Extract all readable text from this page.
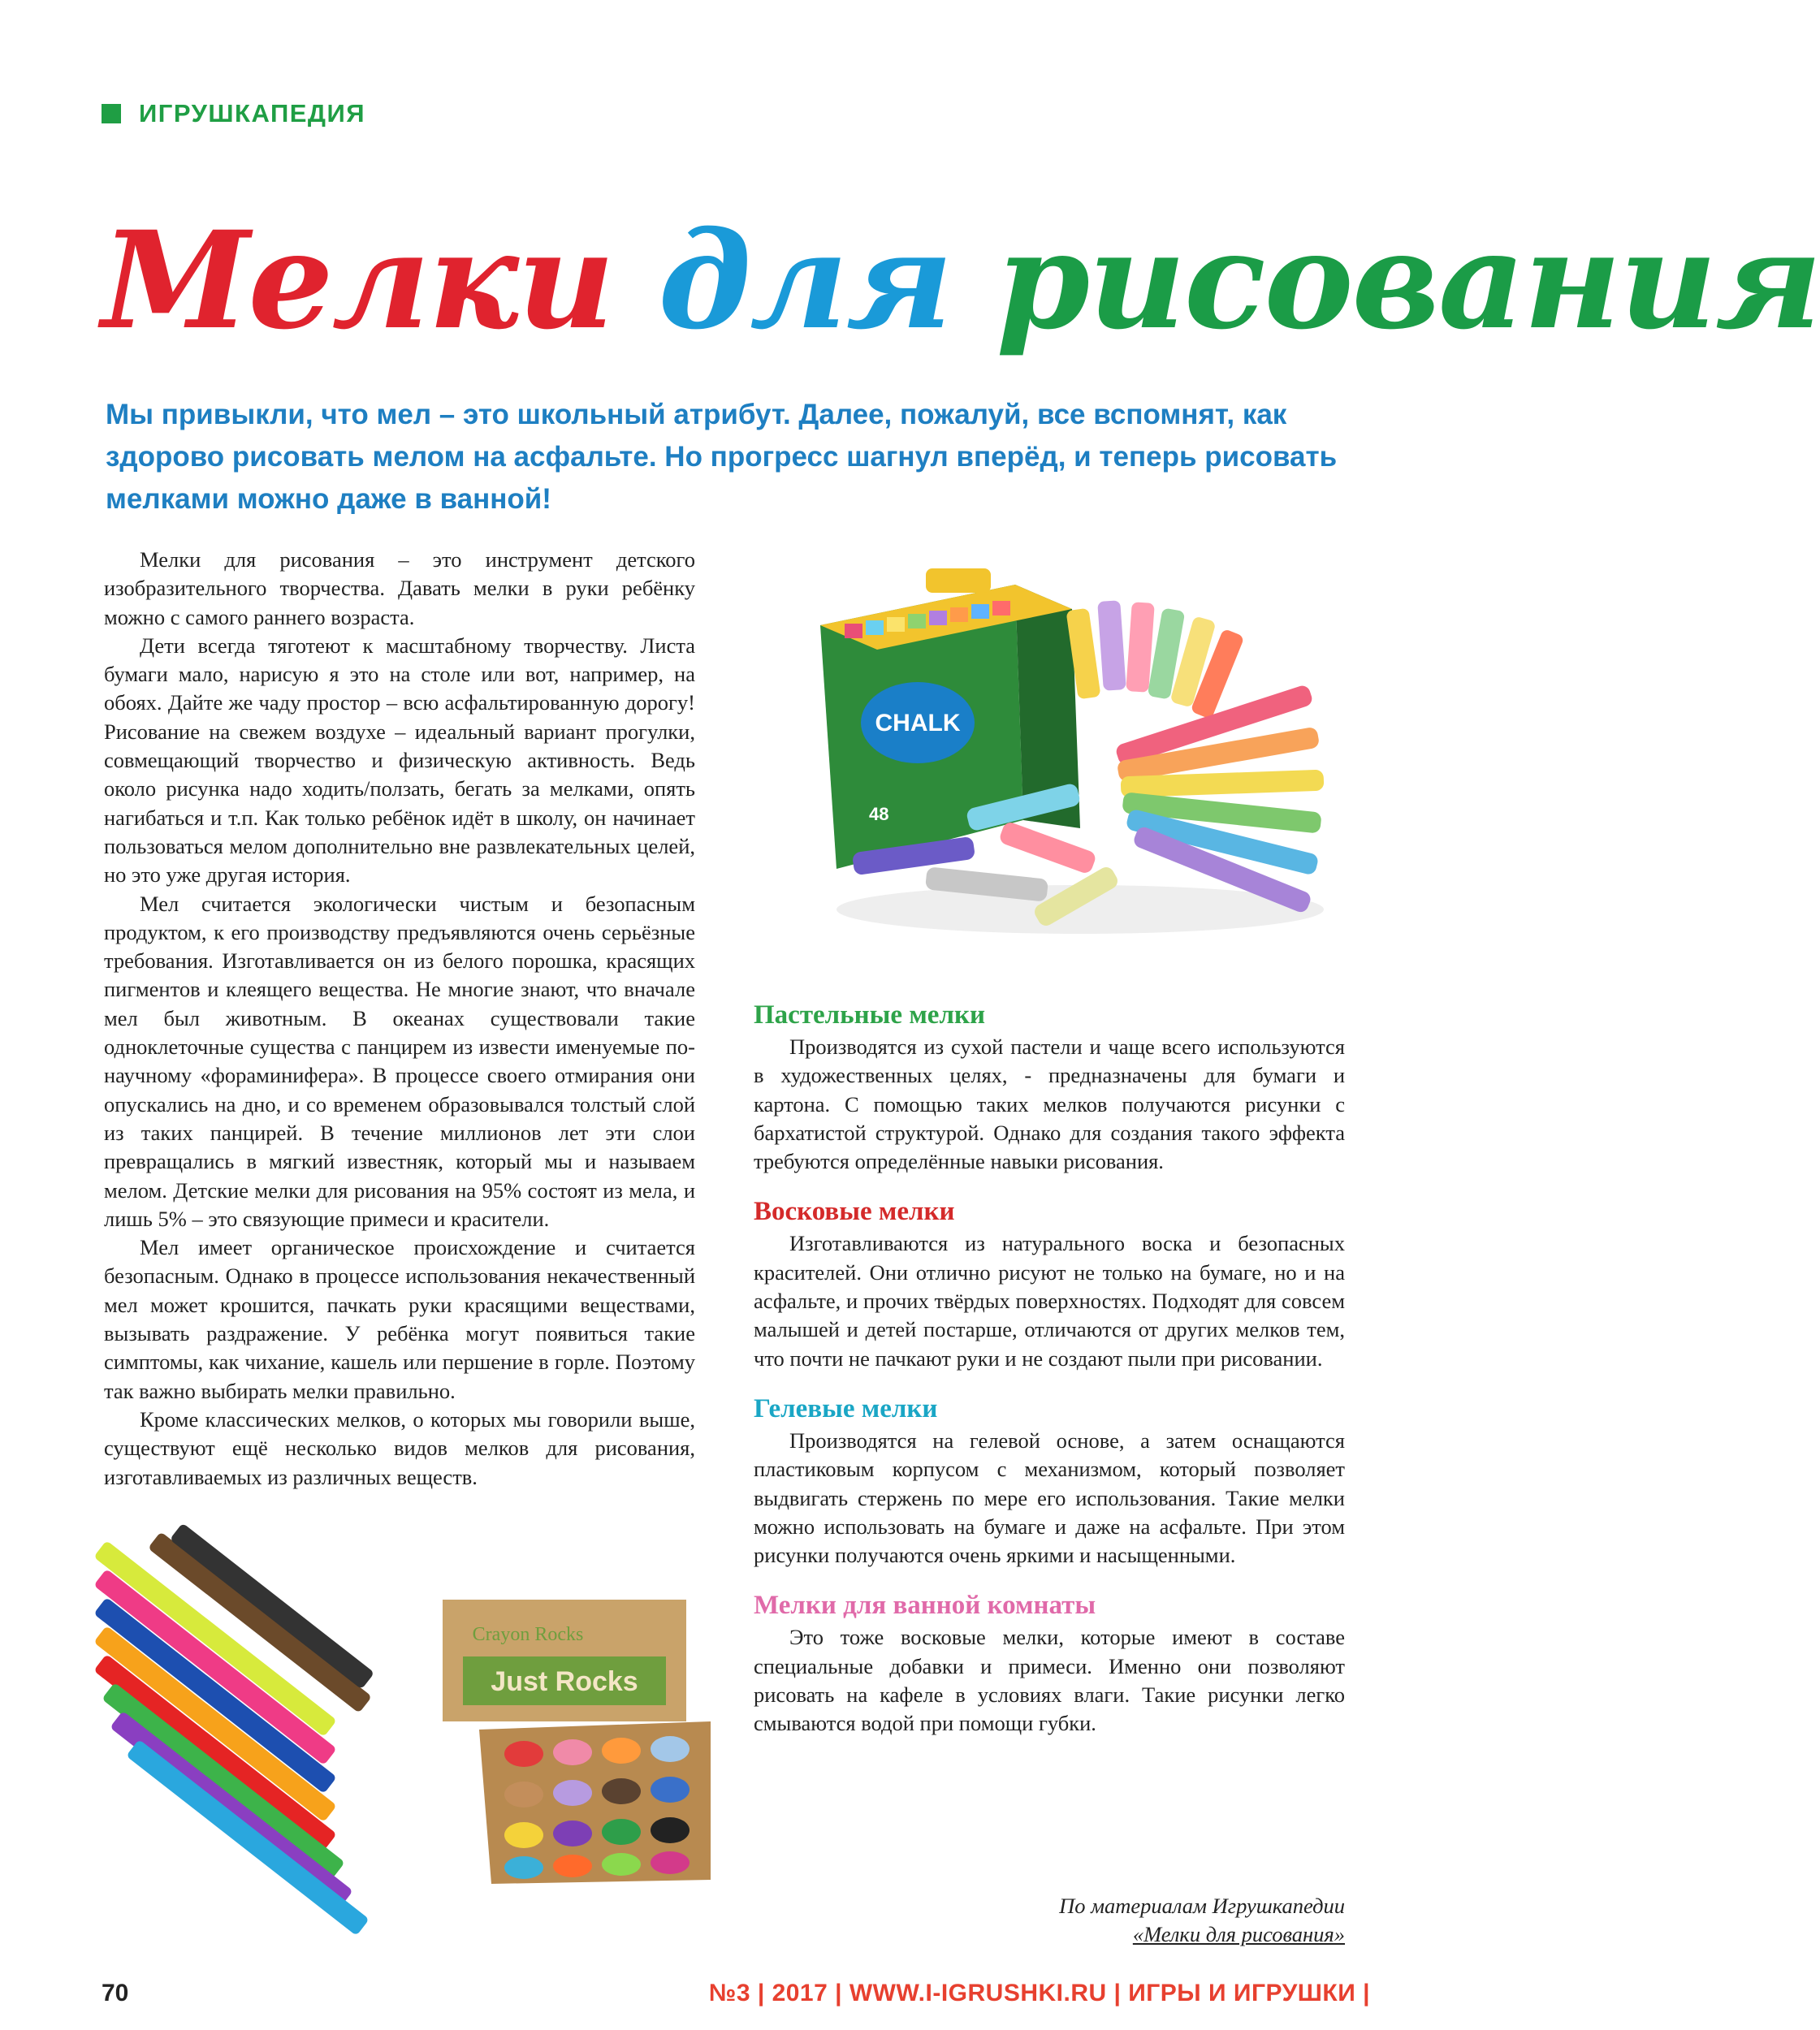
ИГРУШКАПЕДИЯ
Мелки для рисования
Мы привыкли, что мел – это школьный атрибут. Далее, пожалуй, все вспомнят, как здорово рисовать мелом на асфальте. Но прогресс шагнул вперёд, и теперь рисовать мелками можно даже в ванной!

Мелки для рисования – это инструмент детского изобразительного творчества. Давать мелки в руки ребёнку можно с самого раннего возраста.

Дети всегда тяготеют к масштабному творчеству. Листа бумаги мало, нарисую я это на столе или вот, например, на обоях. Дайте же чаду простор – всю асфальтированную дорогу! Рисование на свежем воздухе – идеальный вариант прогулки, совмещающий творчество и физическую активность. Ведь около рисунка надо ходить/ползать, бегать за мелками, опять нагибаться и т.п. Как только ребёнок идёт в школу, он начинает пользоваться мелом дополнительно вне развлекательных целей, но это уже другая история.

Мел считается экологически чистым и безопасным продуктом, к его производству предъявляются очень серьёзные требования. Изготавливается он из белого порошка, красящих пигментов и клеящего вещества. Не многие знают, что вначале мел был животным. В океанах существовали такие одноклеточные существа с панцирем из извести именуемые по-научному «фораминифера». В процессе своего отмирания они опускались на дно, и со временем образовывался толстый слой из таких панцирей. В течение миллионов лет эти слои превращались в мягкий известняк, который мы и называем мелом. Детские мелки для рисования на 95% состоят из мела, и лишь 5% – это связующие примеси и красители.

Мел имеет органическое происхождение и считается безопасным. Однако в процессе использования некачественный мел может крошится, пачкать руки красящими веществами, вызывать раздражение. У ребёнка могут появиться такие симптомы, как чихание, кашель или першение в горле. Поэтому так важно выбирать мелки правильно.

Кроме классических мелков, о которых мы говорили выше, существуют ещё несколько видов мелков для рисования, изготавливаемых из различных веществ.

CHALK
48
Пастельные мелки

Производятся из сухой пастели и чаще всего используются в художественных целях, - предназначены для бумаги и картона. С помощью таких мелков получаются рисунки с бархатистой структурой. Однако для создания такого эффекта требуются определённые навыки рисования.

Восковые мелки

Изготавливаются из натурального воска и безопасных красителей. Они отлично рисуют не только на бумаге, но и на асфальте, и прочих твёрдых поверхностях. Подходят для совсем малышей и детей постарше, отличаются от других мелков тем, что почти не пачкают руки и не создают пыли при рисовании.

Гелевые мелки

Производятся на гелевой основе, а затем оснащаются пластиковым корпусом с механизмом, который позволяет выдвигать стержень по мере его использования. Такие мелки можно использовать на бумаге и даже на асфальте. При этом рисунки получаются очень яркими и насыщенными.

Мелки для ванной комнаты

Это тоже восковые мелки, которые имеют в составе специальные добавки и примеси. Именно они позволяют рисовать на кафеле в условиях влаги. Такие рисунки легко смываются водой при помощи губки.

По материалам Игрушкапедии
«Мелки для рисования»
Crayon Rocks
Just Rocks
70	№3 | 2017 | WWW.I-IGRUSHKI.RU | ИГРЫ И ИГРУШКИ |
